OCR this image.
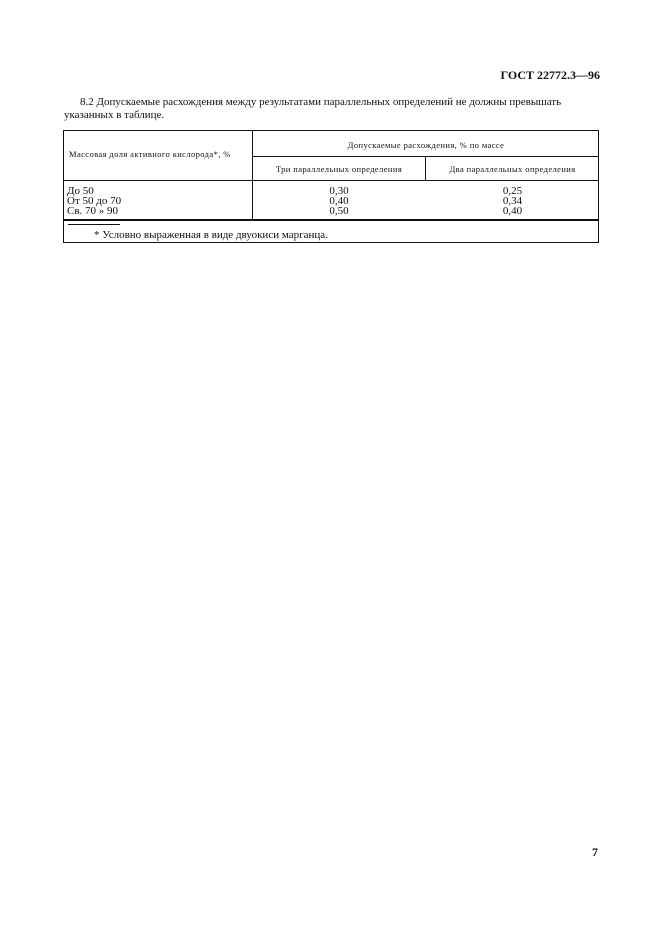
ГОСТ 22772.3—96
8.2 Допускаемые расхождения между результатами параллельных определений не должны превышать
указанных в таблице.
Массовая доля активного кислорода*, %
Допускаемые расхождения, % по массе
Три параллельных определения	Два параллельных определения
До 50
От 50 до 70
Св. 70 » 90
0,30
0,40
0,50
0,25
0,34
0,40
* Условно выраженная в виде двуокиси марганца.
7
